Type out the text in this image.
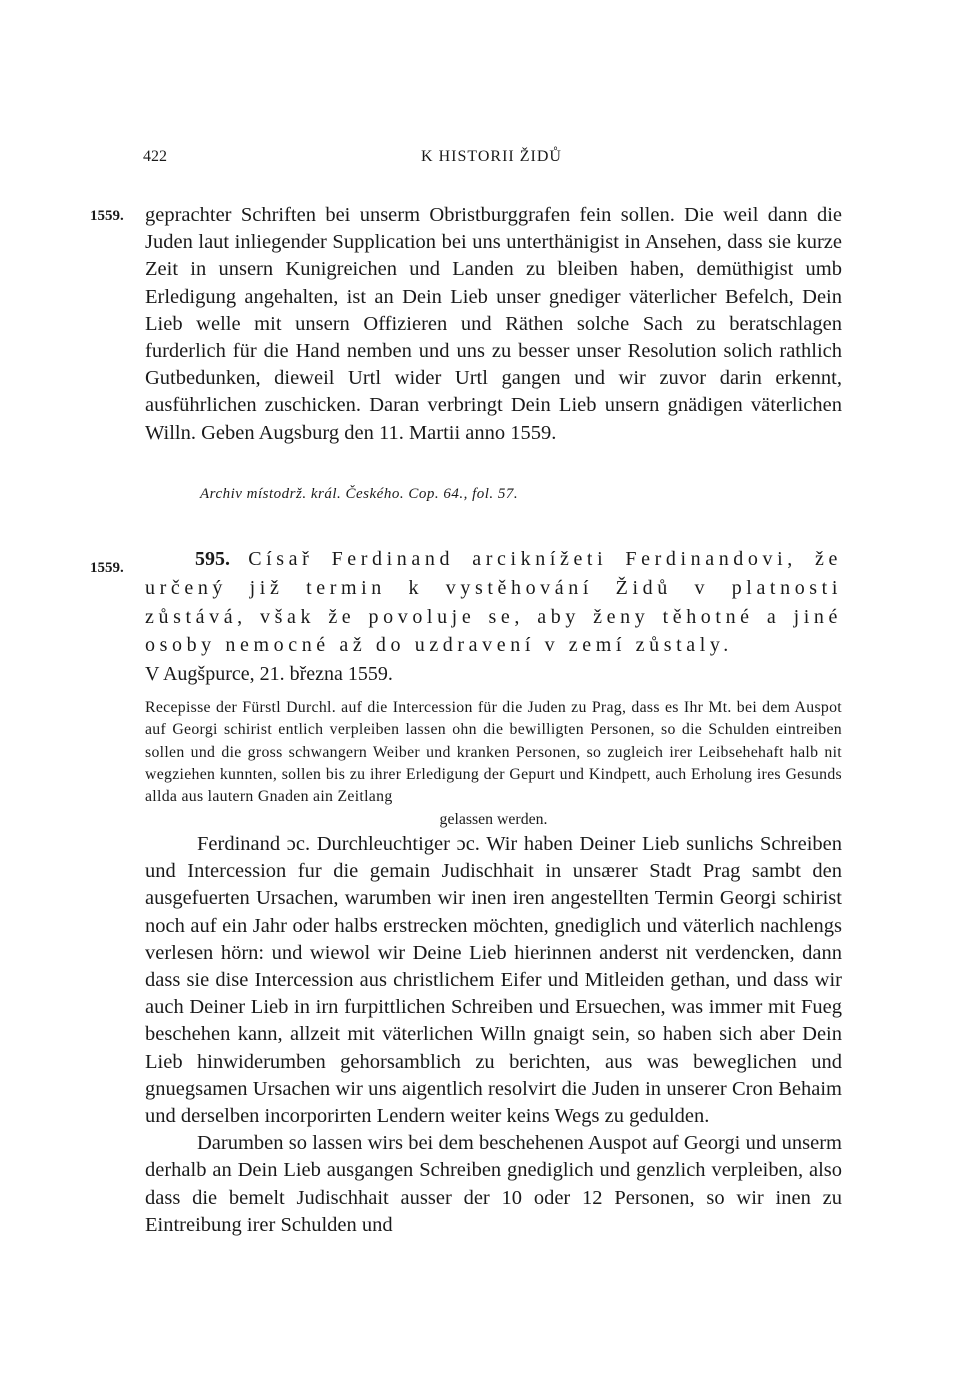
422	K HISTORII ŽIDŮ
1559. geprachter Schriften bei unserm Obristburggrafen fein sollen. Die weil dann die Juden laut inliegender Supplication bei uns unterthänigist in Ansehen, dass sie kurze Zeit in unsern Kunigreichen und Landen zu bleiben haben, demüthigist umb Erledigung angehalten, ist an Dein Lieb unser gnediger väterlicher Befelch, Dein Lieb welle mit unsern Offizieren und Räthen solche Sach zu beratschlagen furderlich für die Hand nemben und uns zu besser unser Resolution solich rathlich Gutbedunken, dieweil Urtl wider Urtl gangen und wir zuvor darin erkennt, ausführlichen zuschicken. Daran verbringt Dein Lieb unsern gnädigen väterlichen Willn. Geben Augsburg den 11. Martii anno 1559.

Archiv místodrž. král. Českého. Cop. 64., fol. 57.
1559.	595. Císař Ferdinand arciknížeti Ferdinandovi, že určený již termin k vystěhování Židů v platnosti zůstává, však že povoluje se, aby ženy těhotné a jiné osoby nemocné až do uzdravení v zemí zůstaly.

V Augšpurce, 21. března 1559.

Recepisse der Fürstl Durchl. auf die Intercession für die Juden zu Prag, dass es Ihr Mt. bei dem Auspot auf Georgi schirist entlich verpleiben lassen ohn die bewilligten Personen, so die Schulden eintreiben sollen und die gross schwangern Weiber und kranken Personen, so zugleich irer Leibsehehaft halb nit wegziehen kunnten, sollen bis zu ihrer Erledigung der Gepurt und Kindpett, auch Erholung ires Gesunds allda aus lautern Gnaden ain Zeitlang

gelassen werden.

Ferdinand ɔc. Durchleuchtiger ɔc. Wir haben Deiner Lieb sunlichs Schreiben und Intercession fur die gemain Judischhait in unsærer Stadt Prag sambt den ausgefuerten Ursachen, warumben wir inen iren angestellten Termin Georgi schirist noch auf ein Jahr oder halbs erstrecken möchten, gnediglich und väterlich nachlengs verlesen hörn: und wiewol wir Deine Lieb hierinnen anderst nit verdencken, dann dass sie dise Intercession aus christlichem Eifer und Mitleiden gethan, und dass wir auch Deiner Lieb in irn furpittlichen Schreiben und Ersuechen, was immer mit Fueg beschehen kann, allzeit mit väterlichen Willn gnaigt sein, so haben sich aber Dein Lieb hinwiderumben gehorsamblich zu berichten, aus was beweglichen und gnuegsamen Ursachen wir uns aigentlich resolvirt die Juden in unserer Cron Behaim und derselben incorporirten Lendern weiter keins Wegs zu gedulden.

Darumben so lassen wirs bei dem beschehenen Auspot auf Georgi und unserm derhalb an Dein Lieb ausgangen Schreiben gnediglich und genzlich verpleiben, also dass die bemelt Judischhait ausser der 10 oder 12 Personen, so wir inen zu Eintreibung irer Schulden und
